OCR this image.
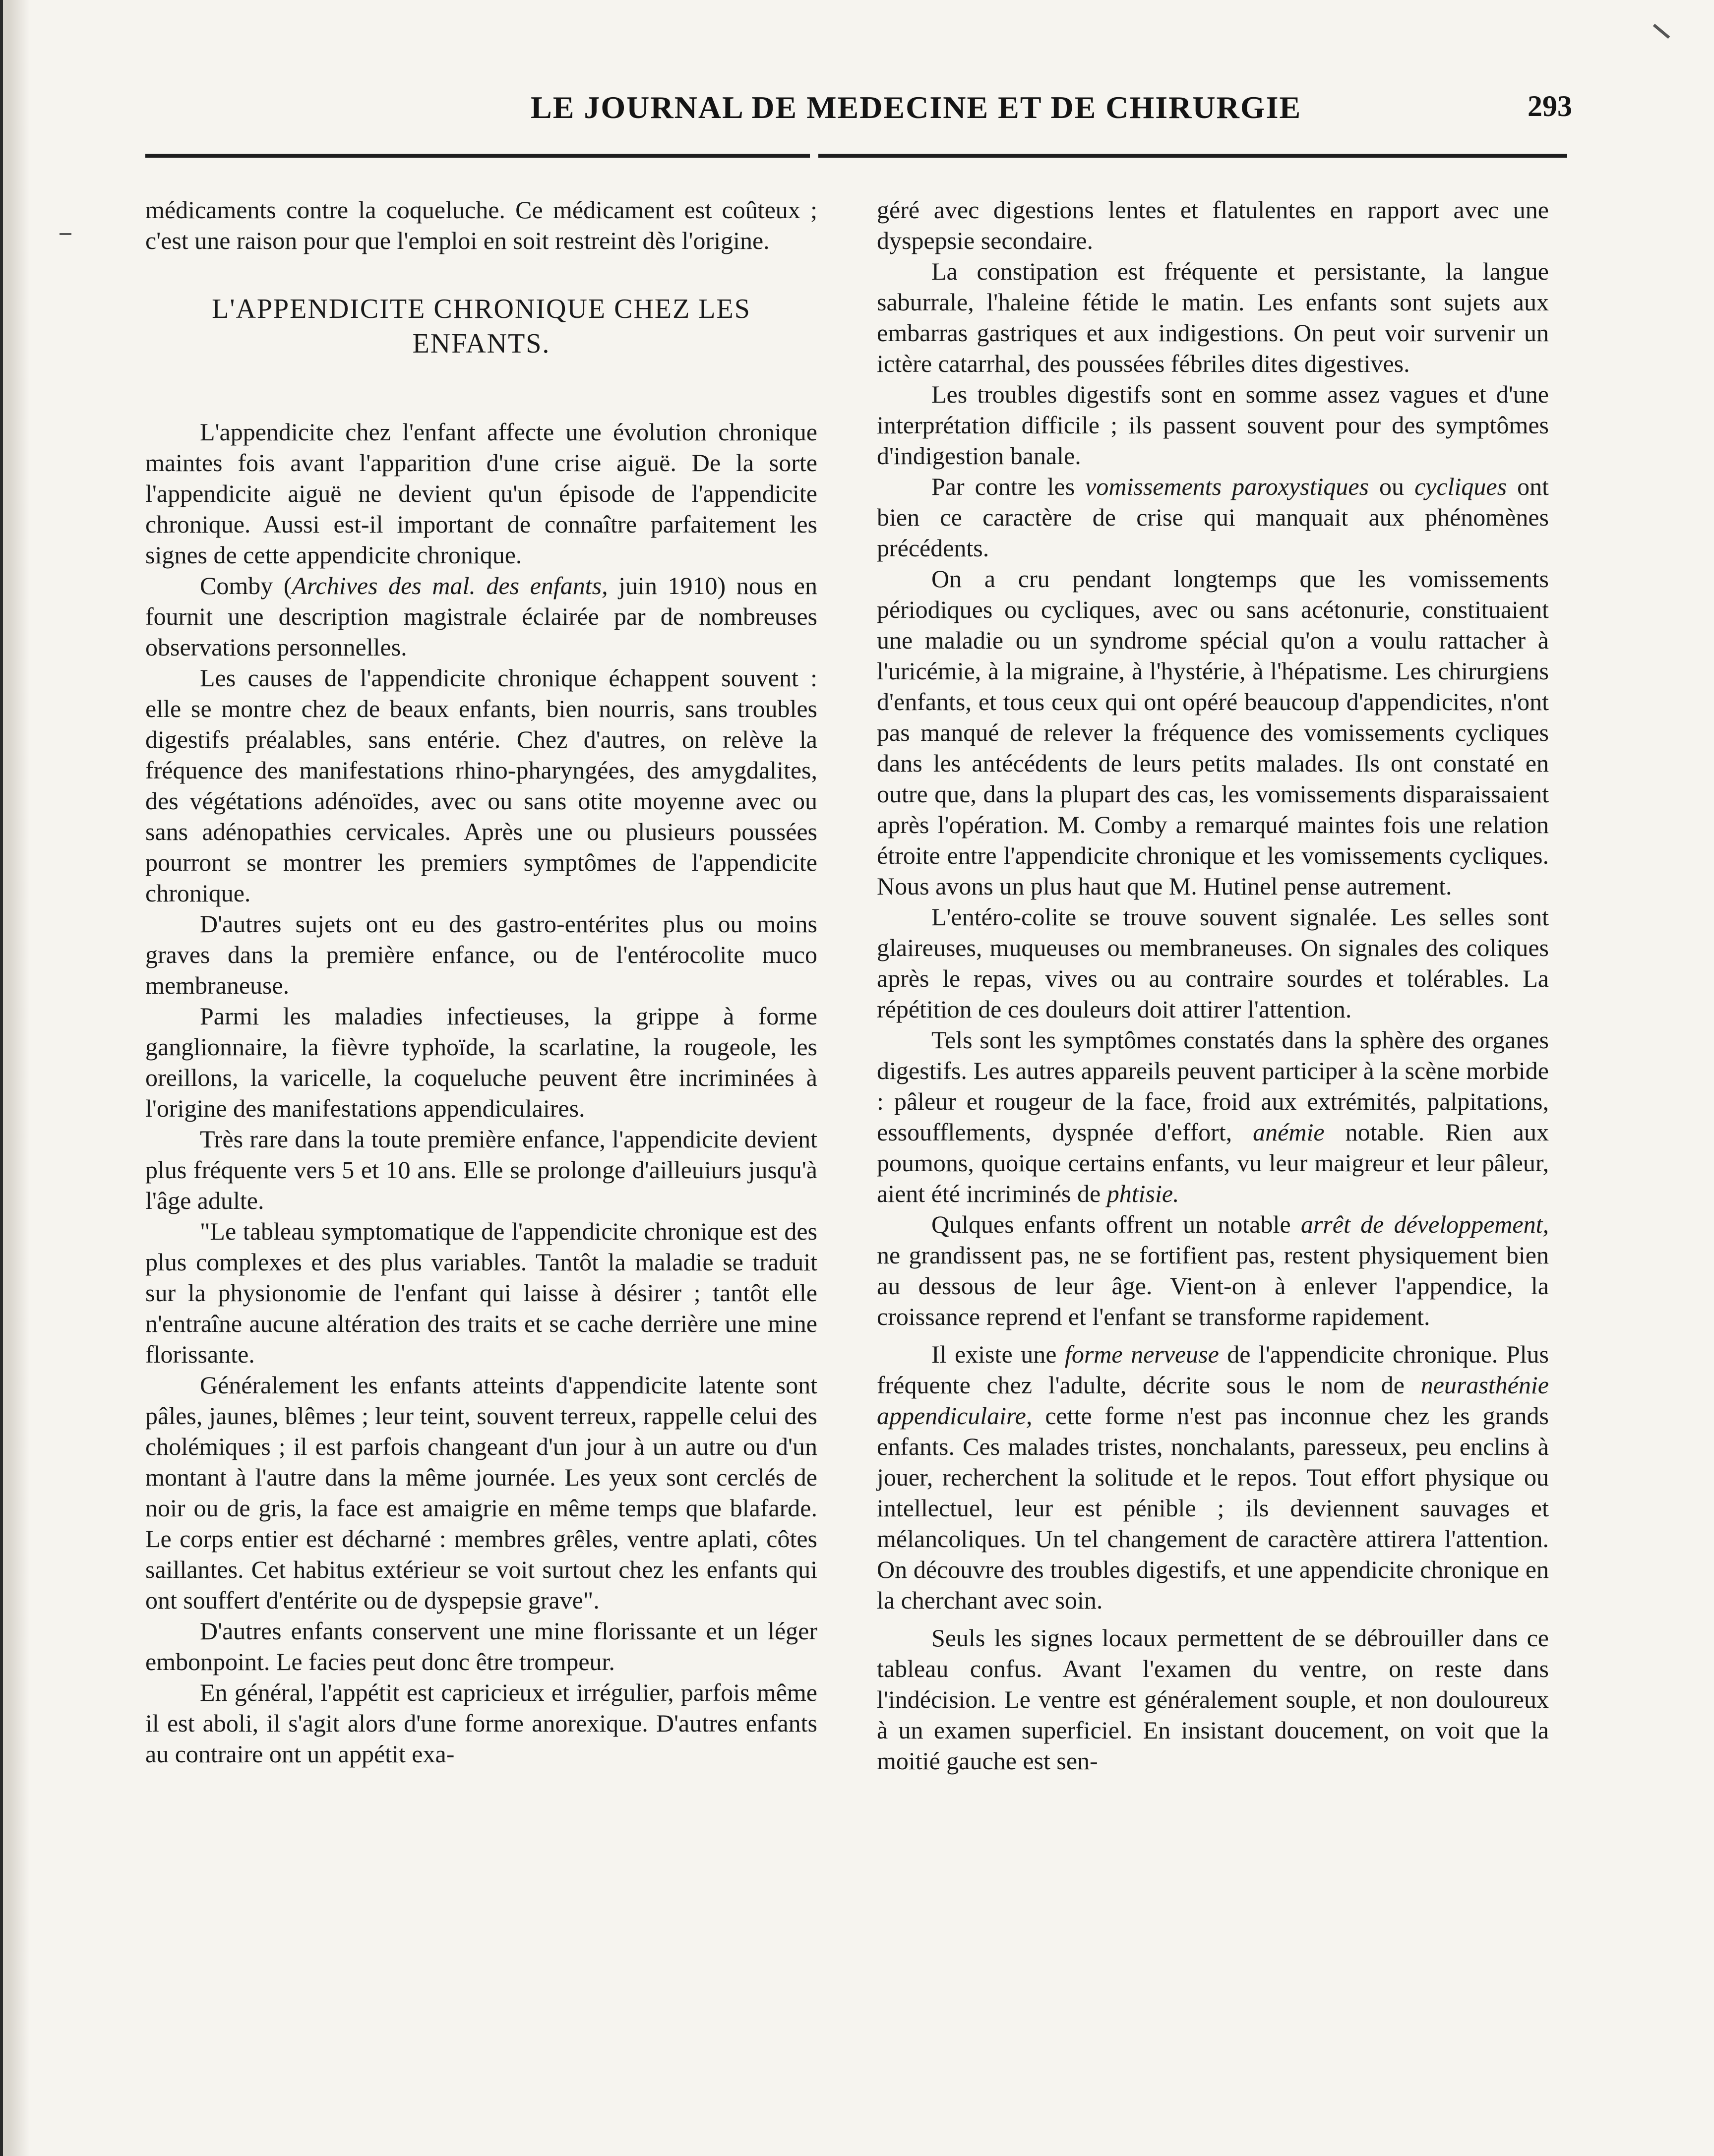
LE JOURNAL DE MEDECINE ET DE CHIRURGIE	293

médicaments contre la coqueluche. Ce médicament est coûteux ; c'est une raison pour que l'emploi en soit restreint dès l'origine.

L'APPENDICITE CHRONIQUE CHEZ LES
ENFANTS.

L'appendicite chez l'enfant affecte une évolution chronique maintes fois avant l'apparition d'une crise aiguë. De la sorte l'appendicite aiguë ne devient qu'un épisode de l'appendicite chronique. Aussi est-il important de connaître parfaitement les signes de cette appendicite chronique.

Comby (Archives des mal. des enfants, juin 1910) nous en fournit une description magistrale éclairée par de nombreuses observations personnelles.

Les causes de l'appendicite chronique échappent souvent : elle se montre chez de beaux enfants, bien nourris, sans troubles digestifs préalables, sans entérie. Chez d'autres, on relève la fréquence des manifestations rhino-pharyngées, des amygdalites, des végétations adénoïdes, avec ou sans otite moyenne avec ou sans adénopathies cervicales. Après une ou plusieurs poussées pourront se montrer les premiers symptômes de l'appendicite chronique.

D'autres sujets ont eu des gastro-entérites plus ou moins graves dans la première enfance, ou de l'entérocolite muco membraneuse.

Parmi les maladies infectieuses, la grippe à forme ganglionnaire, la fièvre typhoïde, la scarlatine, la rougeole, les oreillons, la varicelle, la coqueluche peuvent être incriminées à l'origine des manifestations appendiculaires.

Très rare dans la toute première enfance, l'appendicite devient plus fréquente vers 5 et 10 ans. Elle se prolonge d'ailleuiurs jusqu'à l'âge adulte.

"Le tableau symptomatique de l'appendicite chronique est des plus complexes et des plus variables. Tantôt la maladie se traduit sur la physionomie de l'enfant qui laisse à désirer ; tantôt elle n'entraîne aucune altération des traits et se cache derrière une mine florissante.

Généralement les enfants atteints d'appendicite latente sont pâles, jaunes, blêmes ; leur teint, souvent terreux, rappelle celui des cholémiques ; il est parfois changeant d'un jour à un autre ou d'un montant à l'autre dans la même journée. Les yeux sont cerclés de noir ou de gris, la face est amaigrie en même temps que blafarde. Le corps entier est décharné : membres grêles, ventre aplati, côtes saillantes. Cet habitus extérieur se voit surtout chez les enfants qui ont souffert d'entérite ou de dyspepsie grave".

D'autres enfants conservent une mine florissante et un léger embonpoint. Le facies peut donc être trompeur.

En général, l'appétit est capricieux et irrégulier, parfois même il est aboli, il s'agit alors d'une forme anorexique. D'autres enfants au contraire ont un appétit exa-

géré avec digestions lentes et flatulentes en rapport avec une dyspepsie secondaire.

La constipation est fréquente et persistante, la langue saburrale, l'haleine fétide le matin. Les enfants sont sujets aux embarras gastriques et aux indigestions. On peut voir survenir un ictère catarrhal, des poussées fébriles dites digestives.

Les troubles digestifs sont en somme assez vagues et d'une interprétation difficile ; ils passent souvent pour des symptômes d'indigestion banale.

Par contre les vomissements paroxystiques ou cycliques ont bien ce caractère de crise qui manquait aux phénomènes précédents.

On a cru pendant longtemps que les vomissements périodiques ou cycliques, avec ou sans acétonurie, constituaient une maladie ou un syndrome spécial qu'on a voulu rattacher à l'uricémie, à la migraine, à l'hystérie, à l'hépatisme. Les chirurgiens d'enfants, et tous ceux qui ont opéré beaucoup d'appendicites, n'ont pas manqué de relever la fréquence des vomissements cycliques dans les antécédents de leurs petits malades. Ils ont constaté en outre que, dans la plupart des cas, les vomissements disparaissaient après l'opération. M. Comby a remarqué maintes fois une relation étroite entre l'appendicite chronique et les vomissements cycliques. Nous avons un plus haut que M. Hutinel pense autrement.

L'entéro-colite se trouve souvent signalée. Les selles sont glaireuses, muqueuses ou membraneuses. On signales des coliques après le repas, vives ou au contraire sourdes et tolérables. La répétition de ces douleurs doit attirer l'attention.

Tels sont les symptômes constatés dans la sphère des organes digestifs. Les autres appareils peuvent participer à la scène morbide : pâleur et rougeur de la face, froid aux extrémités, palpitations, essoufflements, dyspnée d'effort, anémie notable. Rien aux poumons, quoique certains enfants, vu leur maigreur et leur pâleur, aient été incriminés de phtisie.

Qulques enfants offrent un notable arrêt de développement, ne grandissent pas, ne se fortifient pas, restent physiquement bien au dessous de leur âge. Vient-on à enlever l'appendice, la croissance reprend et l'enfant se transforme rapidement.

Il existe une forme nerveuse de l'appendicite chronique. Plus fréquente chez l'adulte, décrite sous le nom de neurasthénie appendiculaire, cette forme n'est pas inconnue chez les grands enfants. Ces malades tristes, nonchalants, paresseux, peu enclins à jouer, recherchent la solitude et le repos. Tout effort physique ou intellectuel, leur est pénible ; ils deviennent sauvages et mélancoliques. Un tel changement de caractère attirera l'attention. On découvre des troubles digestifs, et une appendicite chronique en la cherchant avec soin.

Seuls les signes locaux permettent de se débrouiller dans ce tableau confus. Avant l'examen du ventre, on reste dans l'indécision. Le ventre est généralement souple, et non douloureux à un examen superficiel. En insistant doucement, on voit que la moitié gauche est sen-
